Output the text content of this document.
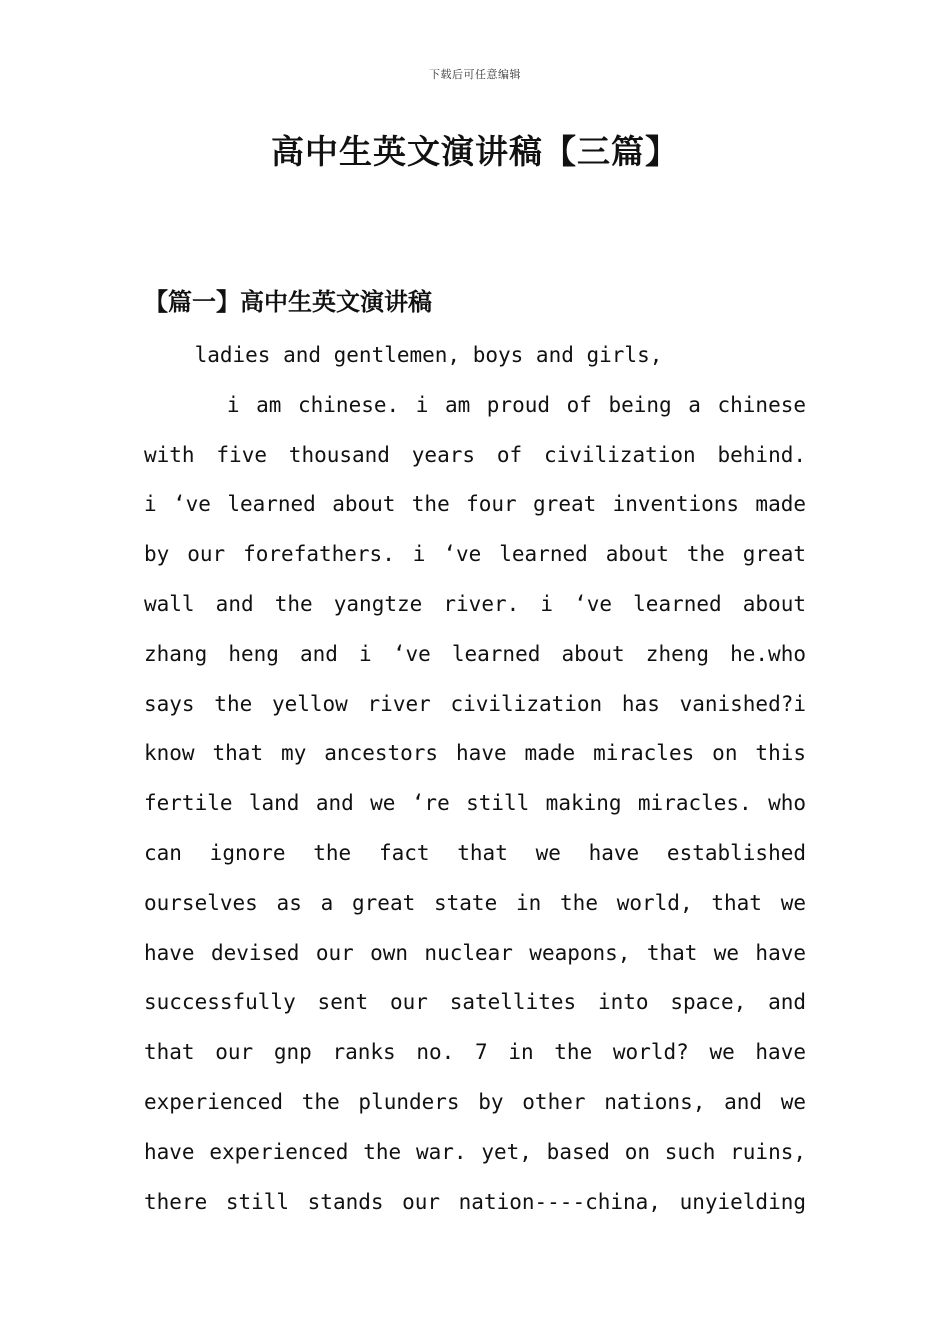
下载后可任意编辑
高中生英文演讲稿【三篇】
【篇一】高中生英文演讲稿
ladies and gentlemen, boys and girls,
i am chinese. i am proud of being a chinese
with five thousand years of civilization behind.
i ‘ve learned about the four great inventions made
by our forefathers. i ‘ve learned about the great
wall and the yangtze river. i ‘ve learned about
zhang heng and i ‘ve learned about zheng he.who
says the yellow river civilization has vanished?i
know that my ancestors have made miracles on this
fertile land and we ‘re still making miracles. who
can ignore the fact that we have established
ourselves as a great state in the world, that we
have devised our own nuclear weapons, that we have
successfully sent our satellites into space, and
that our gnp ranks no. 7 in the world? we have
experienced the plunders by other nations, and we
have experienced the war. yet, based on such ruins,
there still stands our nation----china, unyielding
